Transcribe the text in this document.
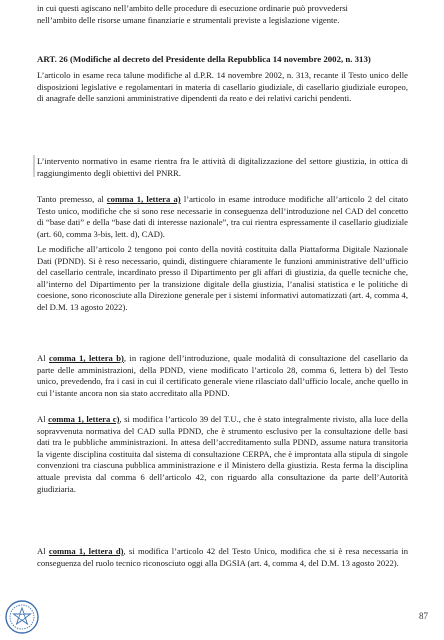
in cui questi agiscano nell’ambito delle procedure di esecuzione ordinarie può provvedersi

nell’ambito delle risorse umane finanziarie e strumentali previste a legislazione vigente.

ART. 26 (Modifiche al decreto del Presidente della Repubblica 14 novembre 2002, n. 313)

L’articolo in esame reca talune modifiche al d.P.R. 14 novembre 2002, n. 313, recante il Testo unico delle disposizioni legislative e regolamentari in materia di casellario giudiziale, di casellario giudiziale europeo, di anagrafe delle sanzioni amministrative dipendenti da reato e dei relativi carichi pendenti.

L’intervento normativo in esame rientra fra le attività di digitalizzazione del settore giustizia, in ottica di raggiungimento degli obiettivi del PNRR.

Tanto premesso, al comma 1, lettera a) l’articolo in esame introduce modifiche all’articolo 2 del citato Testo unico, modifiche che si sono rese necessarie in conseguenza dell’introduzione nel CAD del concetto di “base dati” e della “base dati di interesse nazionale”, tra cui rientra espressamente il casellario giudiziale (art. 60, comma 3-bis, lett. d), CAD).

Le modifiche all’articolo 2 tengono poi conto della novità costituita dalla Piattaforma Digitale Nazionale Dati (PDND). Si è reso necessario, quindi, distinguere chiaramente le funzioni amministrative dell’ufficio del casellario centrale, incardinato presso il Dipartimento per gli affari di giustizia, da quelle tecniche che, all’interno del Dipartimento per la transizione digitale della giustizia, l’analisi statistica e le politiche di coesione, sono riconosciute alla Direzione generale per i sistemi informativi automatizzati (art. 4, comma 4, del D.M. 13 agosto 2022).

Al comma 1, lettera b), in ragione dell’introduzione, quale modalità di consultazione del casellario da parte delle amministrazioni, della PDND, viene modificato l’articolo 28, comma 6, lettera b) del Testo unico, prevedendo, fra i casi in cui il certificato generale viene rilasciato dall’ufficio locale, anche quello in cui l’istante ancora non sia stato accreditato alla PDND.

Al comma 1, lettera c), si modifica l’articolo 39 del T.U., che è stato integralmente rivisto, alla luce della sopravvenuta normativa del CAD sulla PDND, che è strumento esclusivo per la consultazione delle basi dati tra le pubbliche amministrazioni. In attesa dell’accreditamento sulla PDND, assume natura transitoria la vigente disciplina costituita dal sistema di consultazione CERPA, che è improntata alla stipula di singole convenzioni tra ciascuna pubblica amministrazione e il Ministero della giustizia. Resta ferma la disciplina attuale prevista dal comma 6 dell’articolo 42, con riguardo alla consultazione da parte dell’Autorità giudiziaria.

Al comma 1, lettera d), si modifica l’articolo 42 del Testo Unico, modifica che si è resa necessaria in conseguenza del ruolo tecnico riconosciuto oggi alla DGSIA (art. 4, comma 4, del D.M. 13 agosto 2022).

87
